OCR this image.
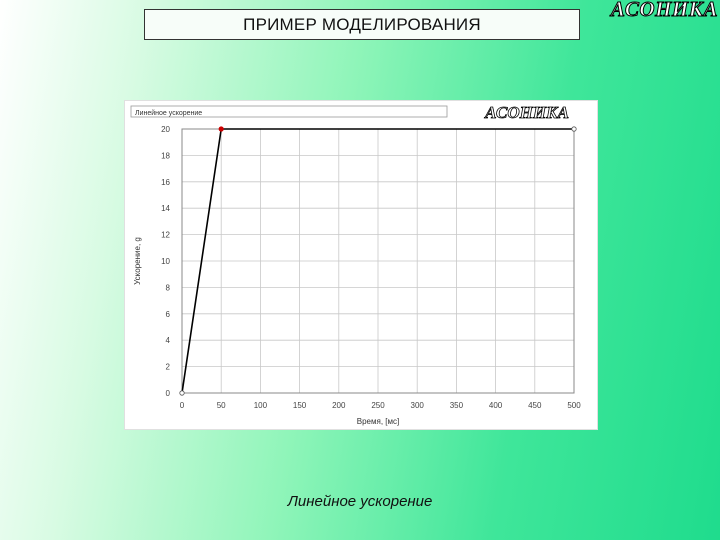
ПРИМЕР МОДЕЛИРОВАНИЯ
АСОНИКА
Линейное ускорение	АСОНИКА
0	50	100	150	200	250	300	350	400	450	500
0
2
4
6
8
10
12
14
16
18
20
Время, [мс]
Ускорение, g
Линейное ускорение
